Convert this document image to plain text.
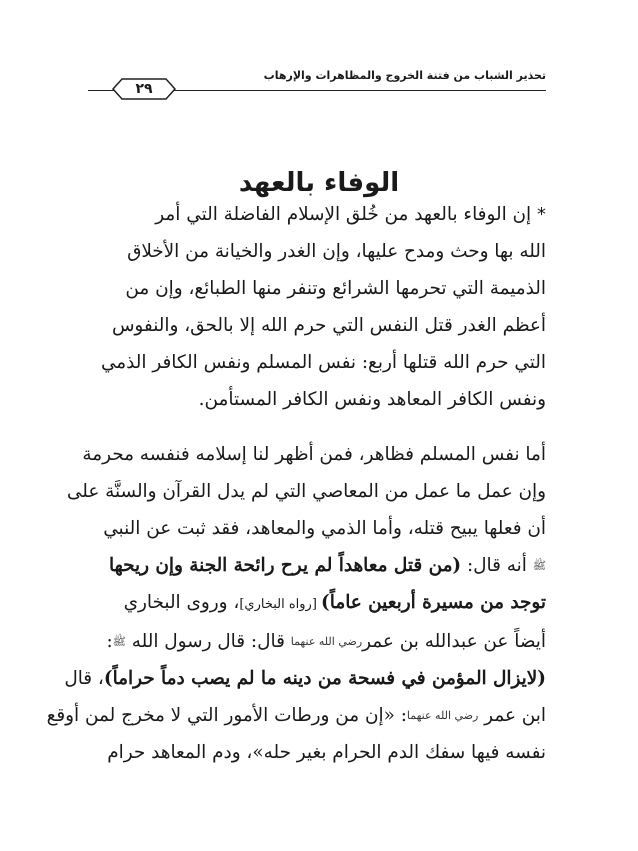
تحذير الشباب من فتنة الخروج والمظاهرات والإرهاب
٢٩
الوفاء بالعهد
* إن الوفاء بالعهد من خُلق الإسلام الفاضلة التي أمر
الله بها وحث ومدح عليها، وإن الغدر والخيانة من الأخلاق
الذميمة التي تحرمها الشرائع وتنفر منها الطبائع، وإن من
أعظم الغدر قتل النفس التي حرم الله إلا بالحق، والنفوس
التي حرم الله قتلها أربع: نفس المسلم ونفس الكافر الذمي
ونفس الكافر المعاهد ونفس الكافر المستأمن.
أما نفس المسلم فظاهر، فمن أظهر لنا إسلامه فنفسه محرمة
وإن عمل ما عمل من المعاصي التي لم يدل القرآن والسنَّة على
أن فعلها يبيح قتله، وأما الذمي والمعاهد، فقد ثبت عن النبي
ﷺ أنه قال: (من قتل معاهداً لم يرح رائحة الجنة وإن ريحها
توجد من مسيرة أربعين عاماً) [رواه البخاري]، وروى البخاري
أيضاً عن عبدالله بن عمررضي الله عنهما قال: قال رسول الله ﷺ:
(لايزال المؤمن في فسحة من دينه ما لم يصب دماً حراماً)، قال
ابن عمر رضي الله عنهما: «إن من ورطات الأمور التي لا مخرج لمن أوقع
نفسه فيها سفك الدم الحرام بغير حله»، ودم المعاهد حرام
